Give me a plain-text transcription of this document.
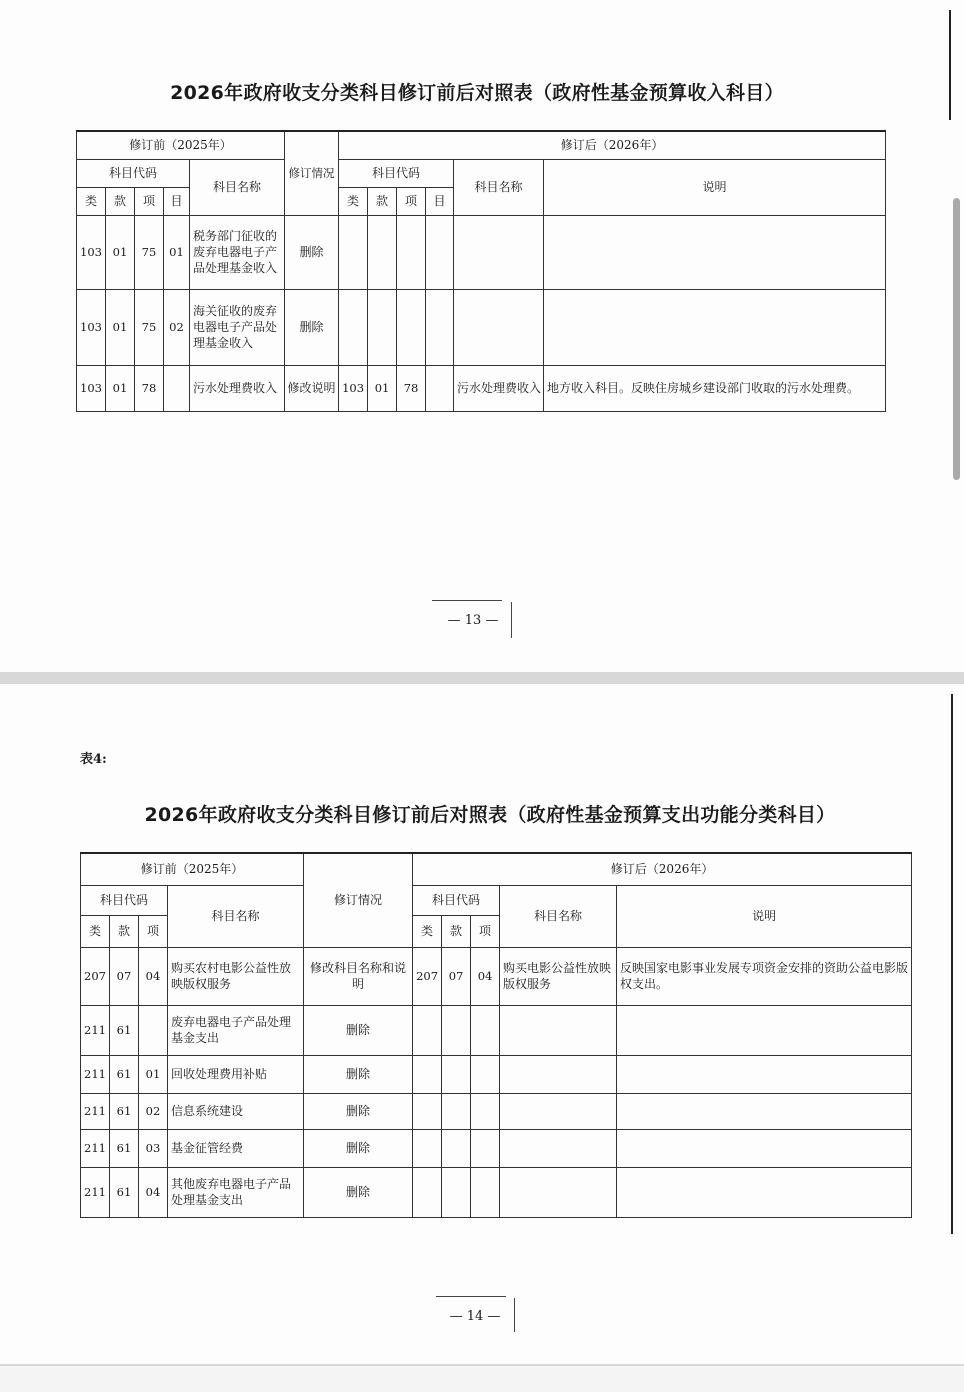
2026年政府收支分类科目修订前后对照表（政府性基金预算收入科目）
修订前（2025年）					修订情况	修订后（2026年）					
科目代码				科目名称		科目代码				科目名称	说明
类	款	项	目			类	款	项	目		
103	01	75	01	税务部门征收的废弃电器电子产品处理基金收入	删除						
103	01	75	02	海关征收的废弃电器电子产品处理基金收入	删除						
103	01	78		污水处理费收入	修改说明	103	01	78		污水处理费收入	地方收入科目。反映住房城乡建设部门收取的污水处理费。
— 13 —
表4:
2026年政府收支分类科目修订前后对照表（政府性基金预算支出功能分类科目）
修订前（2025年）				修订情况	修订后（2026年）				
科目代码			科目名称		科目代码			科目名称	说明
类	款	项			类	款	项		
207	07	04	购买农村电影公益性放映版权服务	修改科目名称和说明	207	07	04	购买电影公益性放映版权服务	反映国家电影事业发展专项资金安排的资助公益电影版权支出。
211	61		废弃电器电子产品处理基金支出	删除					
211	61	01	回收处理费用补贴	删除					
211	61	02	信息系统建设	删除					
211	61	03	基金征管经费	删除					
211	61	04	其他废弃电器电子产品处理基金支出	删除					
— 14 —
